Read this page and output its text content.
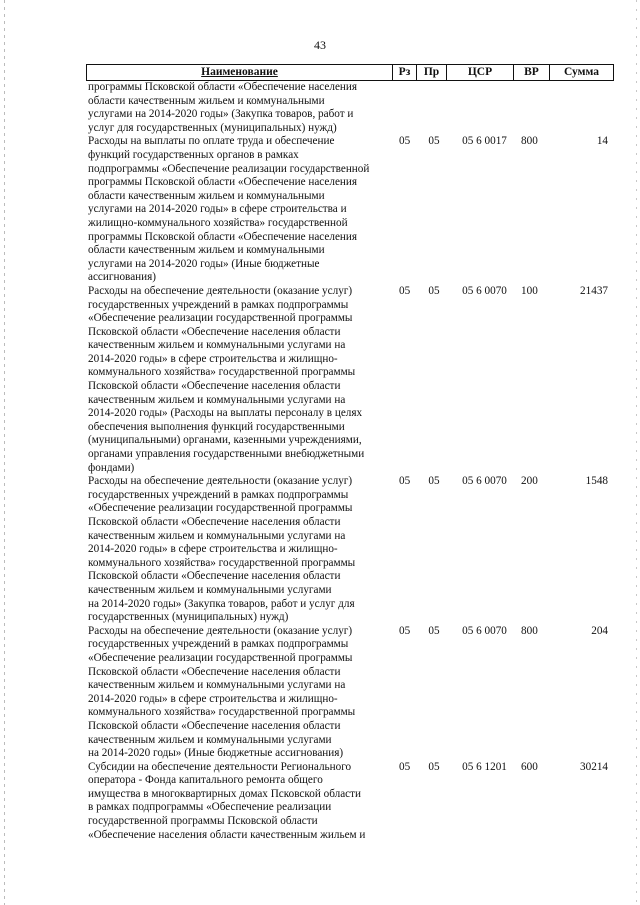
43
Наименование	Рз	Пр	ЦСР	ВР	Сумма
программы Псковской области «Обеспечение населения
области качественным жильем и коммунальными
услугами на 2014-2020 годы» (Закупка товаров, работ и
услуг для государственных (муниципальных) нужд)
Расходы на выплаты по оплате труда и обеспечение
функций государственных органов в рамках
подпрограммы «Обеспечение реализации государственной
программы Псковской области «Обеспечение населения
области качественным жильем и коммунальными
услугами на 2014-2020 годы» в сфере строительства и
жилищно-коммунального хозяйства» государственной
программы Псковской области «Обеспечение населения
области качественным жильем и коммунальными
услугами на 2014-2020 годы» (Иные бюджетные
ассигнования)
05	05	05 6 0017	800	14
Расходы на обеспечение деятельности (оказание услуг)
государственных учреждений в рамках подпрограммы
«Обеспечение реализации государственной программы
Псковской области «Обеспечение населения области
качественным жильем и коммунальными услугами на
2014-2020 годы» в сфере строительства и жилищно-
коммунального хозяйства» государственной программы
Псковской области «Обеспечение населения области
качественным жильем и коммунальными услугами на
2014-2020 годы» (Расходы на выплаты персоналу в целях
обеспечения выполнения функций государственными
(муниципальными) органами, казенными учреждениями,
органами управления государственными внебюджетными
фондами)
05	05	05 6 0070	100	21437
Расходы на обеспечение деятельности (оказание услуг)
государственных учреждений в рамках подпрограммы
«Обеспечение реализации государственной программы
Псковской области «Обеспечение населения области
качественным жильем и коммунальными услугами на
2014-2020 годы» в сфере строительства и жилищно-
коммунального хозяйства» государственной программы
Псковской области «Обеспечение населения области
качественным жильем и коммунальными услугами
на 2014-2020 годы» (Закупка товаров, работ и услуг для
государственных (муниципальных) нужд)
05	05	05 6 0070	200	1548
Расходы на обеспечение деятельности (оказание услуг)
государственных учреждений в рамках подпрограммы
«Обеспечение реализации государственной программы
Псковской области «Обеспечение населения области
качественным жильем и коммунальными услугами на
2014-2020 годы» в сфере строительства и жилищно-
коммунального хозяйства» государственной программы
Псковской области «Обеспечение населения области
качественным жильем и коммунальными услугами
на 2014-2020 годы» (Иные бюджетные ассигнования)
05	05	05 6 0070	800	204
Субсидии на обеспечение деятельности Регионального
оператора - Фонда капитального ремонта общего
имущества в многоквартирных домах Псковской области
в рамках подпрограммы «Обеспечение реализации
государственной программы Псковской области
«Обеспечение населения области качественным жильем и
05	05	05 6 1201	600	30214
